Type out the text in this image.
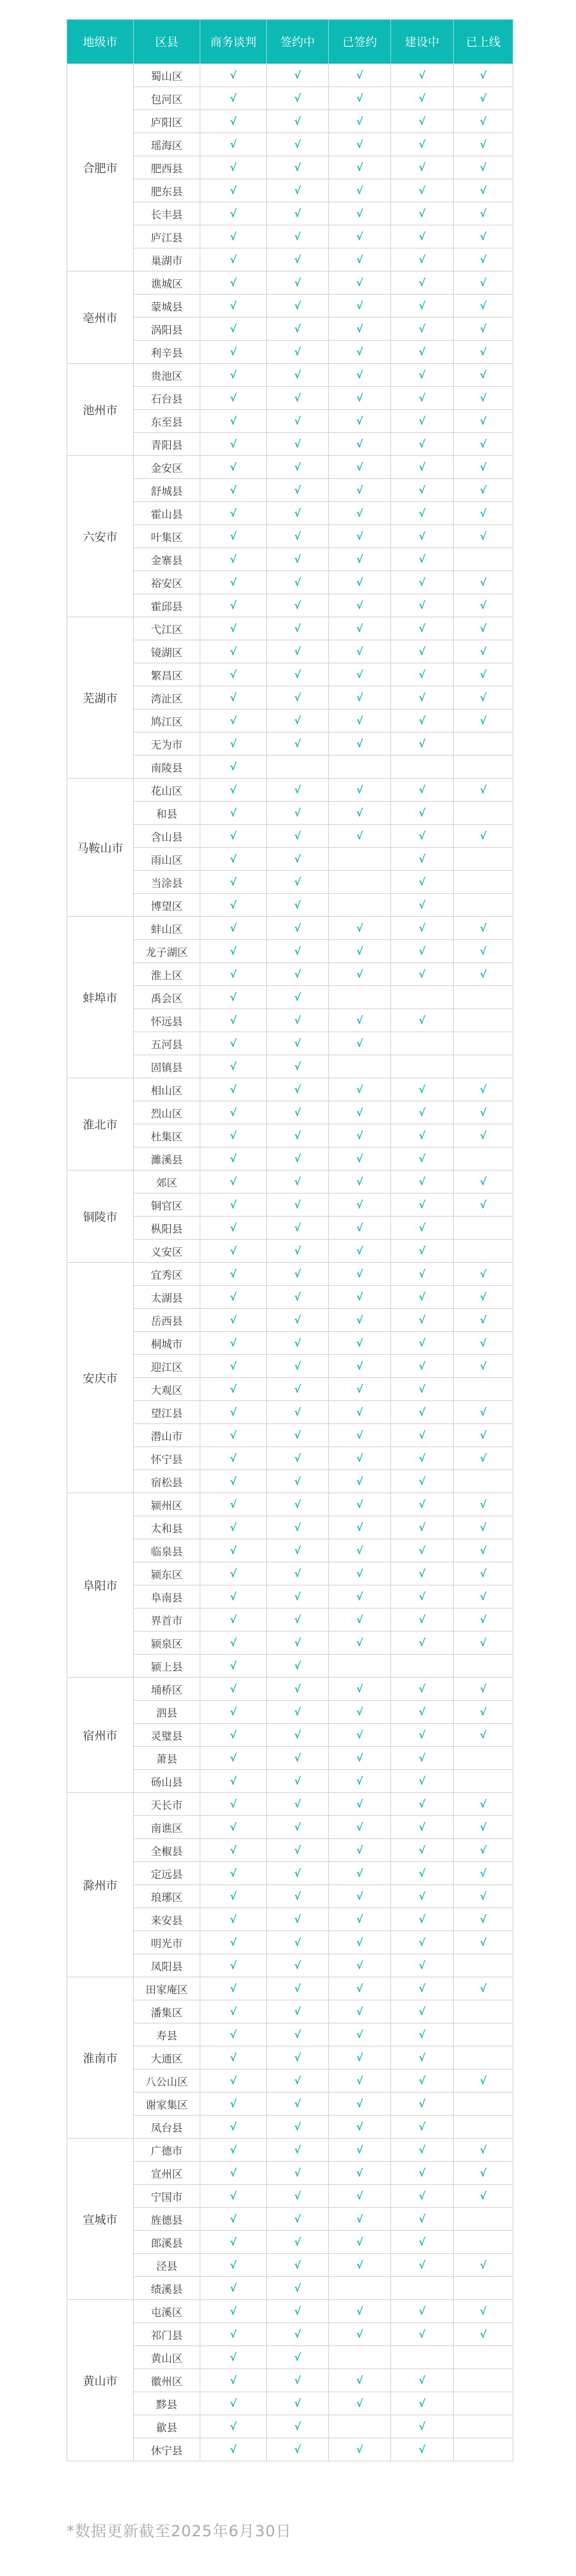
地级市	区县	商务谈判	签约中	已签约	建设中	已上线
合肥市	蜀山区	√	√	√	√	√
	包河区	√	√	√	√	√
	庐阳区	√	√	√	√	√
	瑶海区	√	√	√	√	√
	肥西县	√	√	√	√	√
	肥东县	√	√	√	√	√
	长丰县	√	√	√	√	√
	庐江县	√	√	√	√	√
	巢湖市	√	√	√	√	√
亳州市	谯城区	√	√	√	√	√
	蒙城县	√	√	√	√	√
	涡阳县	√	√	√	√	√
	利辛县	√	√	√	√	√
池州市	贵池区	√	√	√	√	√
	石台县	√	√	√	√	√
	东至县	√	√	√	√	√
	青阳县	√	√	√	√	√
六安市	金安区	√	√	√	√	√
	舒城县	√	√	√	√	√
	霍山县	√	√	√	√	√
	叶集区	√	√	√	√	√
	金寨县	√	√	√	√	
	裕安区	√	√	√	√	√
	霍邱县	√	√	√	√	√
芜湖市	弋江区	√	√	√	√	√
	镜湖区	√	√	√	√	√
	繁昌区	√	√	√	√	√
	湾沚区	√	√	√	√	√
	鸠江区	√	√	√	√	√
	无为市	√	√	√	√	
	南陵县	√				
马鞍山市	花山区	√	√	√	√	√
	和县	√	√	√	√	
	含山县	√	√	√	√	√
	雨山区	√	√		√	
	当涂县	√	√		√	
	博望区	√	√		√	
蚌埠市	蚌山区	√	√	√	√	√
	龙子湖区	√	√	√	√	√
	淮上区	√	√	√	√	√
	禹会区	√	√			
	怀远县	√	√	√	√	
	五河县	√	√	√		
	固镇县	√	√			
淮北市	相山区	√	√	√	√	√
	烈山区	√	√	√	√	√
	杜集区	√	√	√	√	√
	濉溪县	√	√	√	√	
铜陵市	郊区	√	√	√	√	√
	铜官区	√	√	√	√	√
	枞阳县	√	√	√	√	
	义安区	√	√	√	√	
安庆市	宜秀区	√	√	√	√	√
	太湖县	√	√	√	√	√
	岳西县	√	√	√	√	√
	桐城市	√	√	√	√	√
	迎江区	√	√	√	√	√
	大观区	√	√	√	√	
	望江县	√	√	√	√	√
	潜山市	√	√	√	√	√
	怀宁县	√	√	√	√	√
	宿松县	√	√	√	√	
阜阳市	颍州区	√	√	√	√	√
	太和县	√	√	√	√	√
	临泉县	√	√	√	√	√
	颍东区	√	√	√	√	√
	阜南县	√	√	√	√	√
	界首市	√	√	√	√	√
	颍泉区	√	√	√	√	√
	颍上县	√	√			
宿州市	埇桥区	√	√	√	√	√
	泗县	√	√	√	√	√
	灵璧县	√	√	√	√	√
	萧县	√	√	√	√	
	砀山县	√	√	√	√	
滁州市	天长市	√	√	√	√	√
	南谯区	√	√	√	√	√
	全椒县	√	√	√	√	√
	定远县	√	√	√	√	√
	琅琊区	√	√	√	√	√
	来安县	√	√	√	√	√
	明光市	√	√	√	√	√
	凤阳县	√	√	√	√	
淮南市	田家庵区	√	√	√	√	√
	潘集区	√	√	√	√	
	寿县	√	√	√	√	
	大通区	√	√	√	√	
	八公山区	√	√	√	√	√
	谢家集区	√	√	√	√	
	凤台县	√	√	√	√	
宣城市	广德市	√	√	√	√	√
	宣州区	√	√	√	√	√
	宁国市	√	√	√	√	√
	旌德县	√	√	√	√	
	郎溪县	√	√	√	√	
	泾县	√	√	√	√	√
	绩溪县	√	√			
黄山市	屯溪区	√	√	√	√	√
	祁门县	√	√	√	√	√
	黄山区	√	√			
	徽州区	√	√	√	√	
	黟县	√	√	√	√	
	歙县	√	√		√	
	休宁县	√	√	√	√	
*数据更新截至2025年6月30日
